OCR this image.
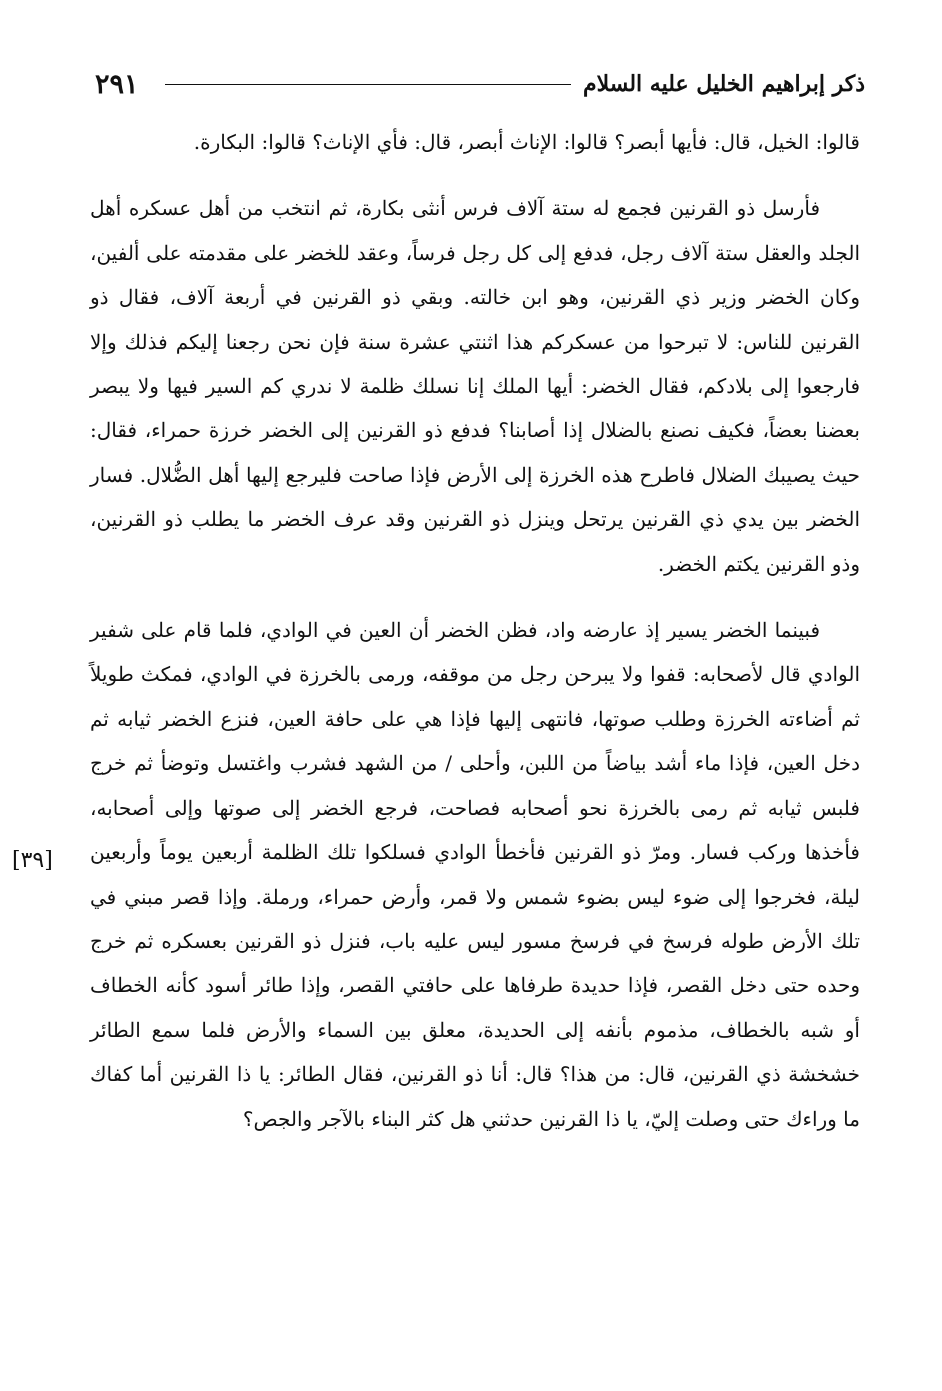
٢٩١	ذكر إبراهيم الخليل عليه السلام
[٣٩]

قالوا: الخيل، قال: فأيها أبصر؟ قالوا: الإناث أبصر، قال: فأي الإناث؟ قالوا: البكارة.

فأرسل ذو القرنين فجمع له ستة آلاف فرس أنثى بكارة، ثم انتخب من أهل عسكره أهل الجلد والعقل ستة آلاف رجل، فدفع إلى كل رجل فرساً، وعقد للخضر على مقدمته على ألفين، وكان الخضر وزير ذي القرنين، وهو ابن خالته. وبقي ذو القرنين في أربعة آلاف، فقال ذو القرنين للناس: لا تبرحوا من عسكركم هذا اثنتي عشرة سنة فإن نحن رجعنا إليكم فذلك وإلا فارجعوا إلى بلادكم، فقال الخضر: أيها الملك إنا نسلك ظلمة لا ندري كم السير فيها ولا يبصر بعضنا بعضاً، فكيف نصنع بالضلال إذا أصابنا؟ فدفع ذو القرنين إلى الخضر خرزة حمراء، فقال: حيث يصيبك الضلال فاطرح هذه الخرزة إلى الأرض فإذا صاحت فليرجع إليها أهل الضُّلال. فسار الخضر بين يدي ذي القرنين يرتحل وينزل ذو القرنين وقد عرف الخضر ما يطلب ذو القرنين، وذو القرنين يكتم الخضر.

فبينما الخضر يسير إذ عارضه واد، فظن الخضر أن العين في الوادي، فلما قام على شفير الوادي قال لأصحابه: قفوا ولا يبرحن رجل من موقفه، ورمى بالخرزة في الوادي، فمكث طويلاً ثم أضاءته الخرزة وطلب صوتها، فانتهى إليها فإذا هي على حافة العين، فنزع الخضر ثيابه ثم دخل العين، فإذا ماء أشد بياضاً من اللبن، وأحلى / من الشهد فشرب واغتسل وتوضأ ثم خرج فلبس ثيابه ثم رمى بالخرزة نحو أصحابه فصاحت، فرجع الخضر إلى صوتها وإلى أصحابه، فأخذها وركب فسار. ومرّ ذو القرنين فأخطأ الوادي فسلكوا تلك الظلمة أربعين يوماً وأربعين ليلة، فخرجوا إلى ضوء ليس بضوء شمس ولا قمر، وأرض حمراء، ورملة. وإذا قصر مبني في تلك الأرض طوله فرسخ في فرسخ مسور ليس عليه باب، فنزل ذو القرنين بعسكره ثم خرج وحده حتى دخل القصر، فإذا حديدة طرفاها على حافتي القصر، وإذا طائر أسود كأنه الخطاف أو شبه بالخطاف، مذموم بأنفه إلى الحديدة، معلق بين السماء والأرض فلما سمع الطائر خشخشة ذي القرنين، قال: من هذا؟ قال: أنا ذو القرنين، فقال الطائر: يا ذا القرنين أما كفاك ما وراءك حتى وصلت إليّ، يا ذا القرنين حدثني هل كثر البناء بالآجر والجص؟
